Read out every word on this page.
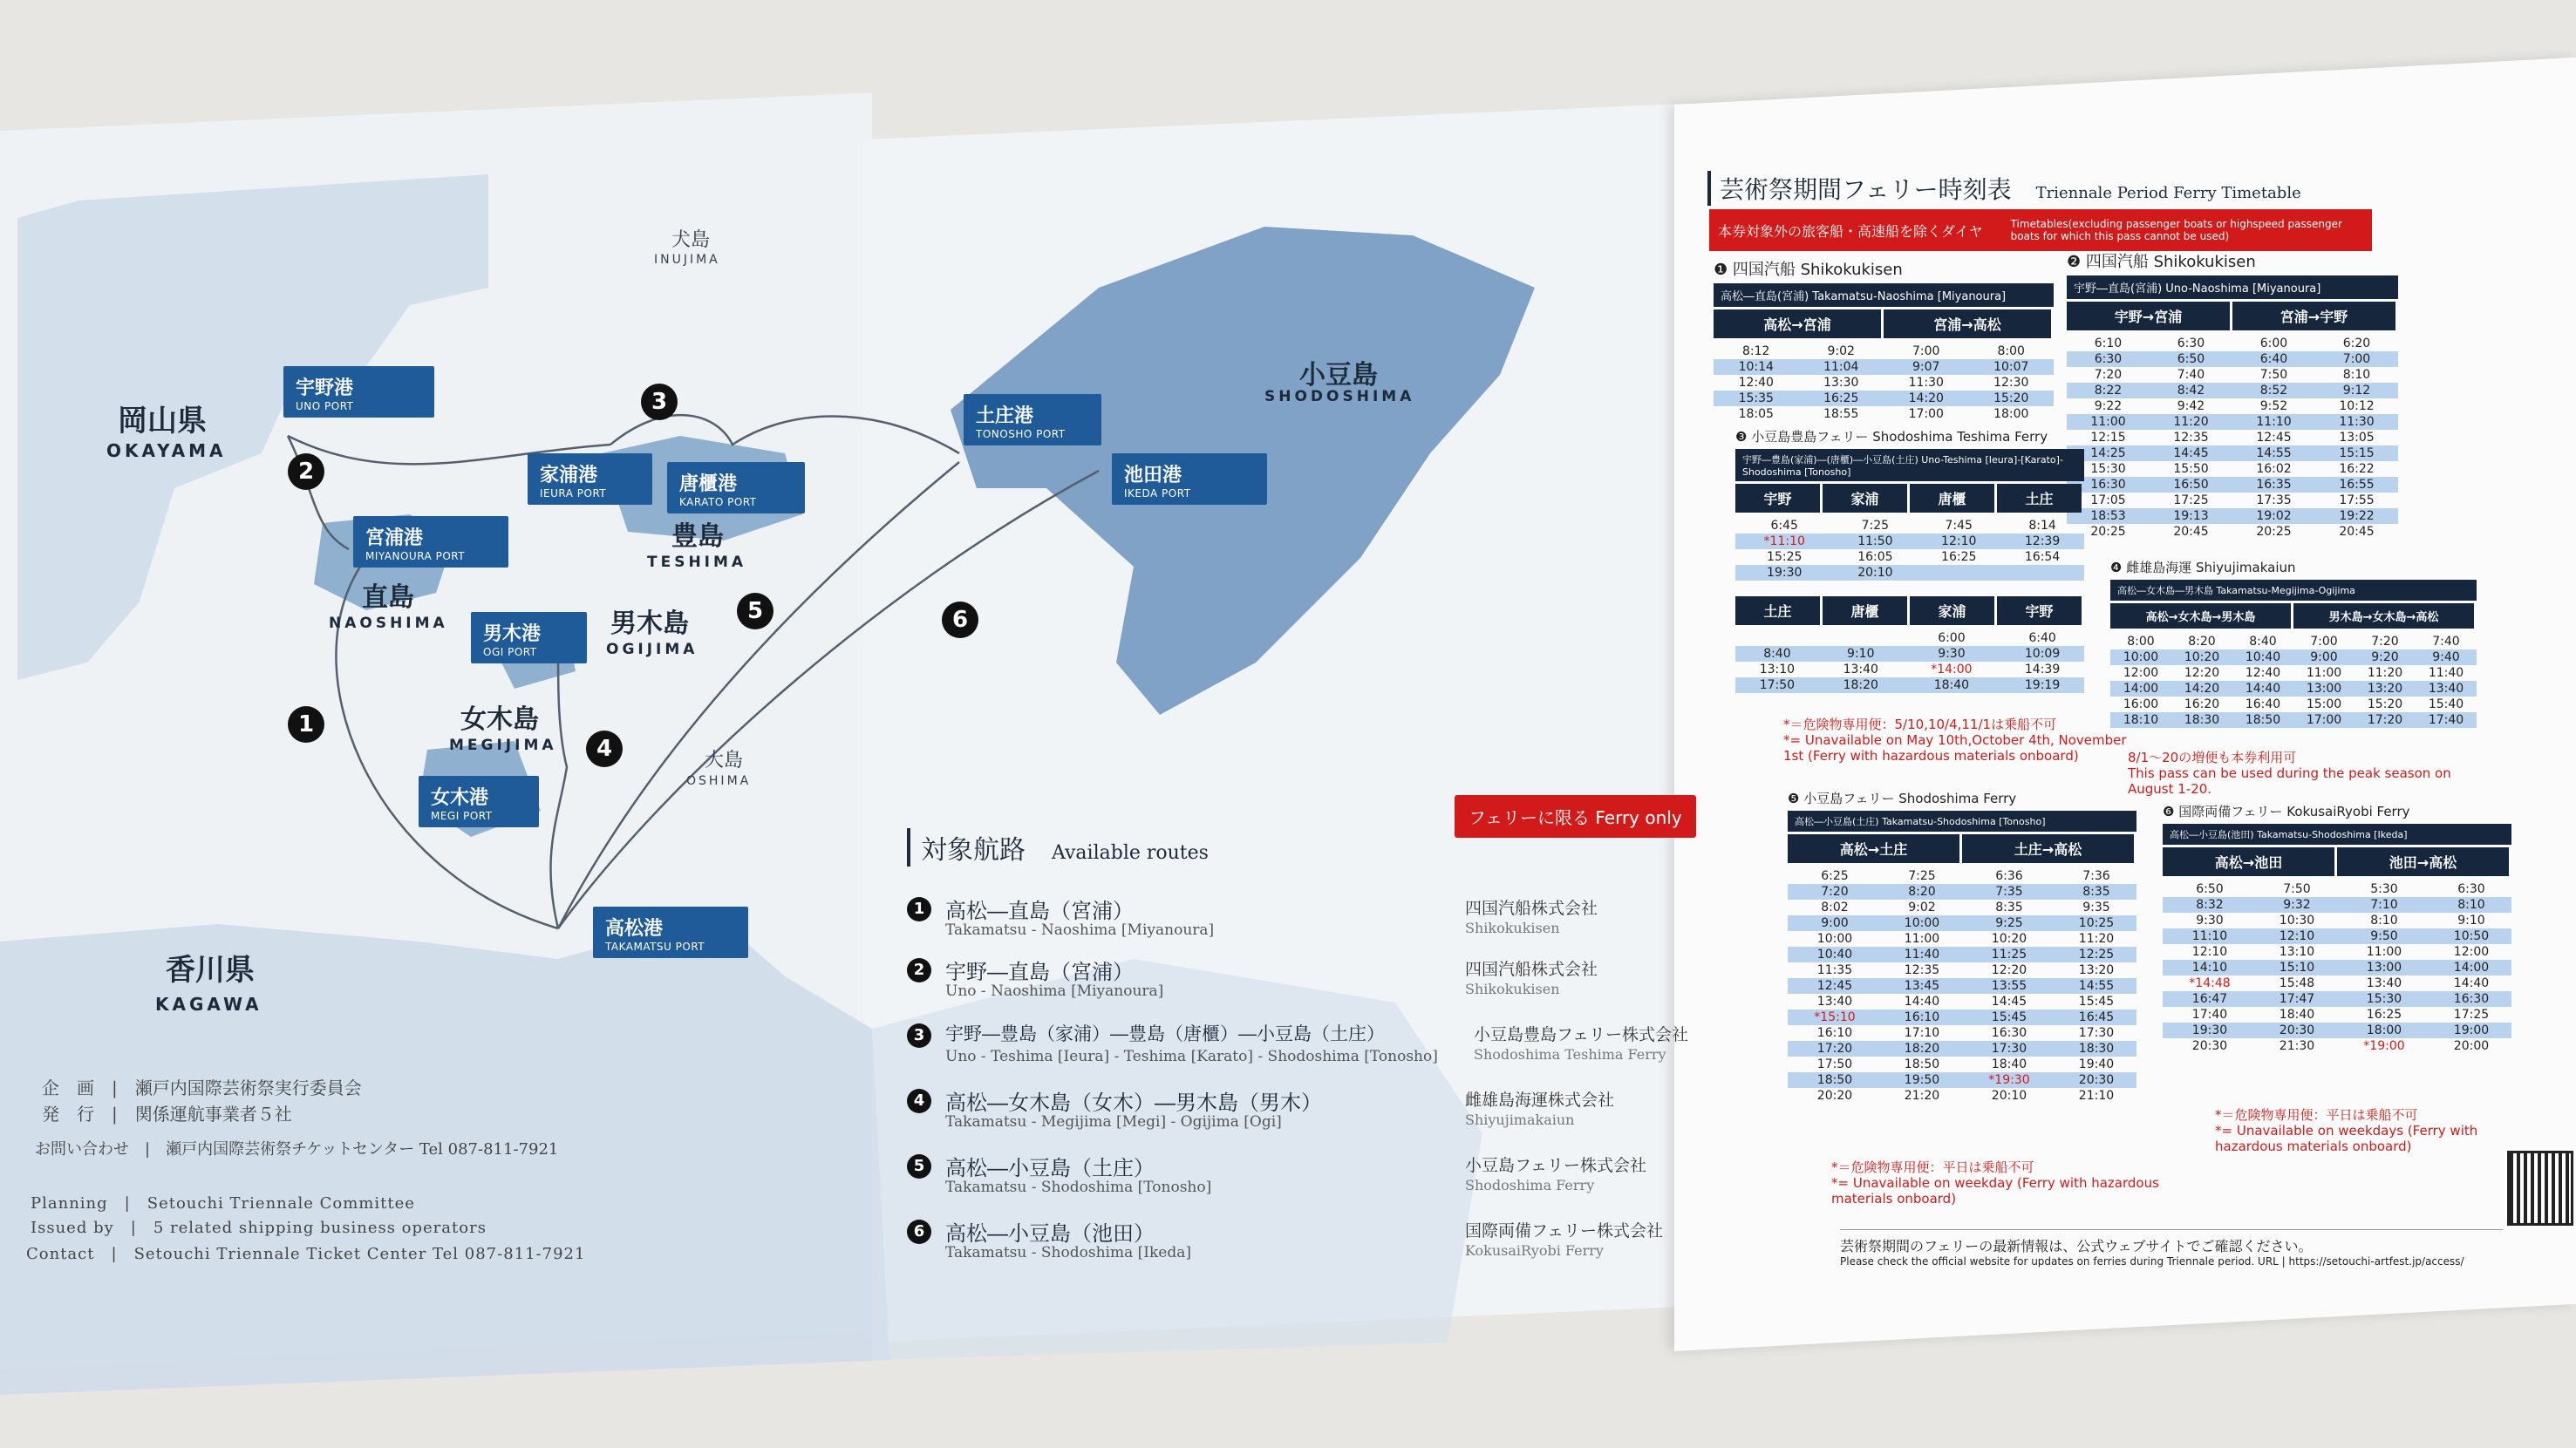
岡山県
OKAYAMA
香川県
KAGAWA
小豆島
SHODOSHIMA
豊島
TESHIMA
直島
NAOSHIMA	男木島
OGIJIMA
女木島
MEGIJIMA
犬島
INUJIMA
大島
OSHIMA
宇野港
UNO PORT
宮浦港
MIYANOURA PORT
家浦港
IEURA PORT	唐櫃港
KARATO PORT
土庄港
TONOSHO PORT
池田港
IKEDA PORT
男木港
OGI PORT
女木港
MEGI PORT
高松港
TAKAMATSU PORT
1
2
3
4
5	6
企　画　|　瀬戸内国際芸術祭実行委員会
発　行　|　関係運航事業者５社
お問い合わせ　|　瀬戸内国際芸術祭チケットセンター Tel 087-811-7921
Planning　|　Setouchi Triennale Committee
Issued by　|　5 related shipping business operators
Contact　|　Setouchi Triennale Ticket Center Tel 087-811-7921
対象航路　 Available routes
フェリーに限る Ferry only
1 高松―直島（宮浦）
Takamatsu - Naoshima [Miyanoura]
四国汽船株式会社
Shikokukisen
2 宇野―直島（宮浦）
Uno - Naoshima [Miyanoura]
四国汽船株式会社
Shikokukisen
3	宇野―豊島（家浦）―豊島（唐櫃）―小豆島（土庄）
Uno - Teshima [Ieura] - Teshima [Karato] - Shodoshima [Tonosho]
小豆島豊島フェリー株式会社
Shodoshima Teshima Ferry
4 高松―女木島（女木）―男木島（男木）
Takamatsu - Megijima [Megi] - Ogijima [Ogi]
雌雄島海運株式会社
Shiyujimakaiun
5 高松―小豆島（土庄）
Takamatsu - Shodoshima [Tonosho]
小豆島フェリー株式会社
Shodoshima Ferry
6 高松―小豆島（池田）
Takamatsu - Shodoshima [Ikeda]
国際両備フェリー株式会社
KokusaiRyobi Ferry
芸術祭期間フェリー時刻表　 Triennale Period Ferry Timetable
本券対象外の旅客船・高速船を除くダイヤ	Timetables(excluding passenger boats or highspeed passenger boats for which this pass cannot be used)
❶ 四国汽船 Shikokukisen
高松―直島(宮浦) Takamatsu-Naoshima [Miyanoura]
高松→宮浦	宮浦→高松
8:12	9:02	7:00	8:00
10:14	11:04	9:07	10:07
12:40	13:30	11:30	12:30
15:35	16:25	14:20	15:20
18:05	18:55	17:00	18:00
❷ 四国汽船 Shikokukisen
宇野―直島(宮浦) Uno-Naoshima [Miyanoura]
宇野→宮浦	宮浦→宇野
6:10	6:30	6:00	6:20
6:30	6:50	6:40	7:00
7:20	7:40	7:50	8:10
8:22	8:42	8:52	9:12
9:22	9:42	9:52	10:12
11:00	11:20	11:10	11:30
12:15	12:35	12:45	13:05
14:25	14:45	14:55	15:15
15:30	15:50	16:02	16:22
16:30	16:50	16:35	16:55
17:05	17:25	17:35	17:55
18:53	19:13	19:02	19:22
20:25	20:45	20:25	20:45
❸ 小豆島豊島フェリー Shodoshima Teshima Ferry
宇野―豊島(家浦)―(唐櫃)―小豆島(土庄) Uno-Teshima [Ieura]-[Karato]-Shodoshima [Tonosho]
宇野	家浦	唐櫃	土庄
6:45	7:25	7:45	8:14
*11:10	11:50	12:10	12:39
15:25	16:05	16:25	16:54
19:30	20:10		
土庄	唐櫃	家浦	宇野
		6:00	6:40
8:40	9:10	9:30	10:09
13:10	13:40	*14:00	14:39
17:50	18:20	18:40	19:19
*＝危険物専用便：5/10,10/4,11/1は乗船不可
*= Unavailable on May 10th,October 4th, November 1st (Ferry with hazardous materials onboard)
❹ 雌雄島海運 Shiyujimakaiun
高松―女木島―男木島 Takamatsu-Megijima-Ogijima
高松→女木島→男木島	男木島→女木島→高松
8:00	8:20	8:40	7:00	7:20	7:40
10:00	10:20	10:40	9:00	9:20	9:40
12:00	12:20	12:40	11:00	11:20	11:40
14:00	14:20	14:40	13:00	13:20	13:40
16:00	16:20	16:40	15:00	15:20	15:40
18:10	18:30	18:50	17:00	17:20	17:40
8/1〜20の増便も本券利用可
This pass can be used during the peak season on August 1-20.
❺ 小豆島フェリー Shodoshima Ferry
高松―小豆島(土庄) Takamatsu-Shodoshima [Tonosho]
高松→土庄	土庄→高松
6:25	7:25	6:36	7:36
7:20	8:20	7:35	8:35
8:02	9:02	8:35	9:35
9:00	10:00	9:25	10:25
10:00	11:00	10:20	11:20
10:40	11:40	11:25	12:25
11:35	12:35	12:20	13:20
12:45	13:45	13:55	14:55
13:40	14:40	14:45	15:45
*15:10	16:10	15:45	16:45
16:10	17:10	16:30	17:30
17:20	18:20	17:30	18:30
17:50	18:50	18:40	19:40
18:50	19:50	*19:30	20:30
20:20	21:20	20:10	21:10
*＝危険物専用便：平日は乗船不可
*= Unavailable on weekday (Ferry with hazardous materials onboard)
❻ 国際両備フェリー KokusaiRyobi Ferry
高松―小豆島(池田) Takamatsu-Shodoshima [Ikeda]
高松→池田	池田→高松
6:50	7:50	5:30	6:30
8:32	9:32	7:10	8:10
9:30	10:30	8:10	9:10
11:10	12:10	9:50	10:50
12:10	13:10	11:00	12:00
14:10	15:10	13:00	14:00
*14:48	15:48	13:40	14:40
16:47	17:47	15:30	16:30
17:40	18:40	16:25	17:25
19:30	20:30	18:00	19:00
20:30	21:30	*19:00	20:00
*＝危険物専用便：平日は乗船不可
*= Unavailable on weekdays (Ferry with hazardous materials onboard)
芸術祭期間のフェリーの最新情報は、公式ウェブサイトでご確認ください。
Please check the official website for updates on ferries during Triennale period. URL | https://setouchi-artfest.jp/access/
